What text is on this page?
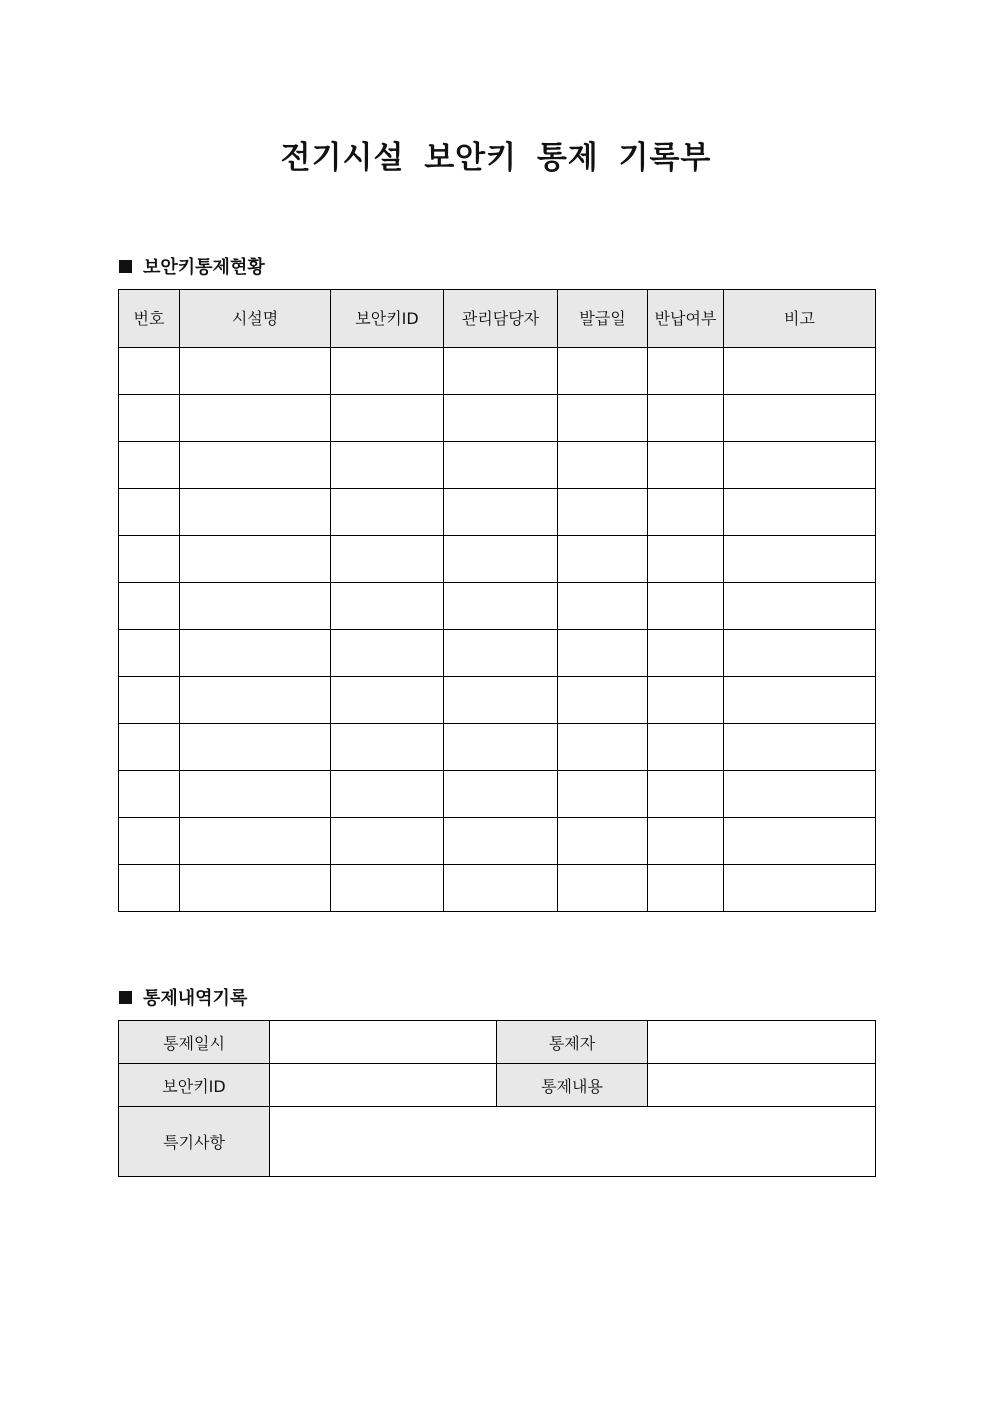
전기시설 보안키 통제 기록부
보안키통제현황
번호	시설명	보안키ID	관리담당자	발급일	반납여부	비고

통제내역기록
통제일시		통제자	
보안키ID		통제내용	
특기사항			
